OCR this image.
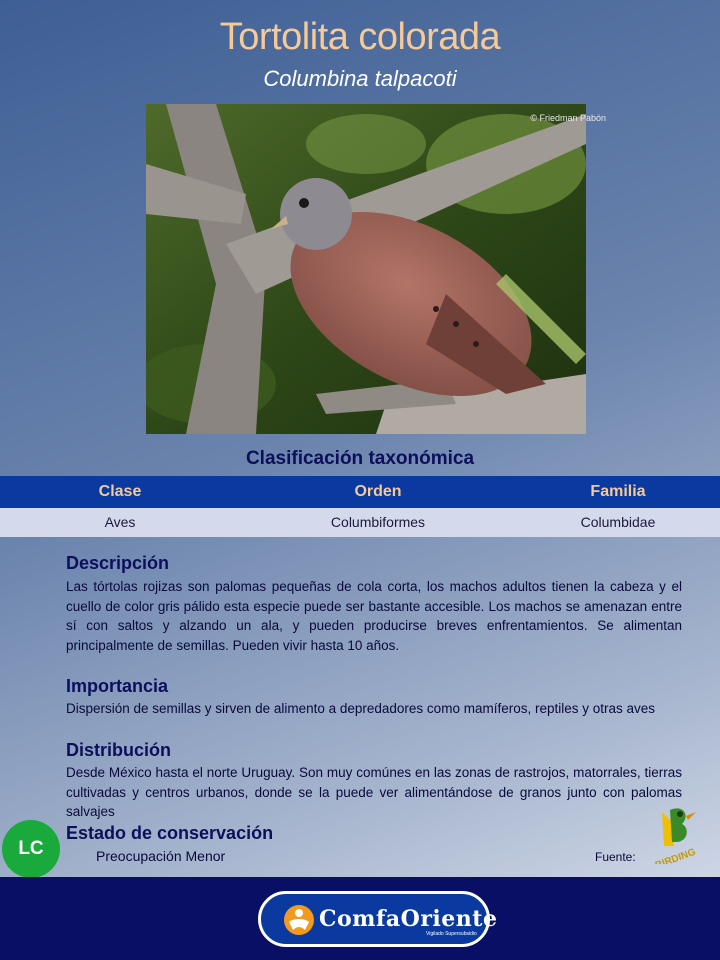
Tortolita colorada
Columbina talpacoti
© Friedman Pabón
Clasificación taxonómica
Clase	Orden	Familia
Aves	Columbiformes	Columbidae
Descripción
Las tórtolas rojizas son palomas pequeñas de cola corta, los machos adultos tienen la cabeza y el cuello de color gris pálido esta especie puede ser bastante accesible. Los machos se amenazan entre sí con saltos y alzando un ala, y pueden producirse breves enfrentamientos. Se alimentan principalmente de semillas. Pueden vivir hasta 10 años.
Importancia
Dispersión de semillas y sirven de alimento a depredadores como mamíferos, reptiles y otras aves
Distribución
Desde México hasta el norte Uruguay. Son muy comúnes en las zonas de rastrojos, matorrales, tierras cultivadas y centros urbanos, donde se la puede ver alimentándose de granos junto con palomas salvajes
Estado de conservación
LC	Preocupación Menor	Fuente: BIRDING
ComfaOriente
Vigilado Supersubsidio
